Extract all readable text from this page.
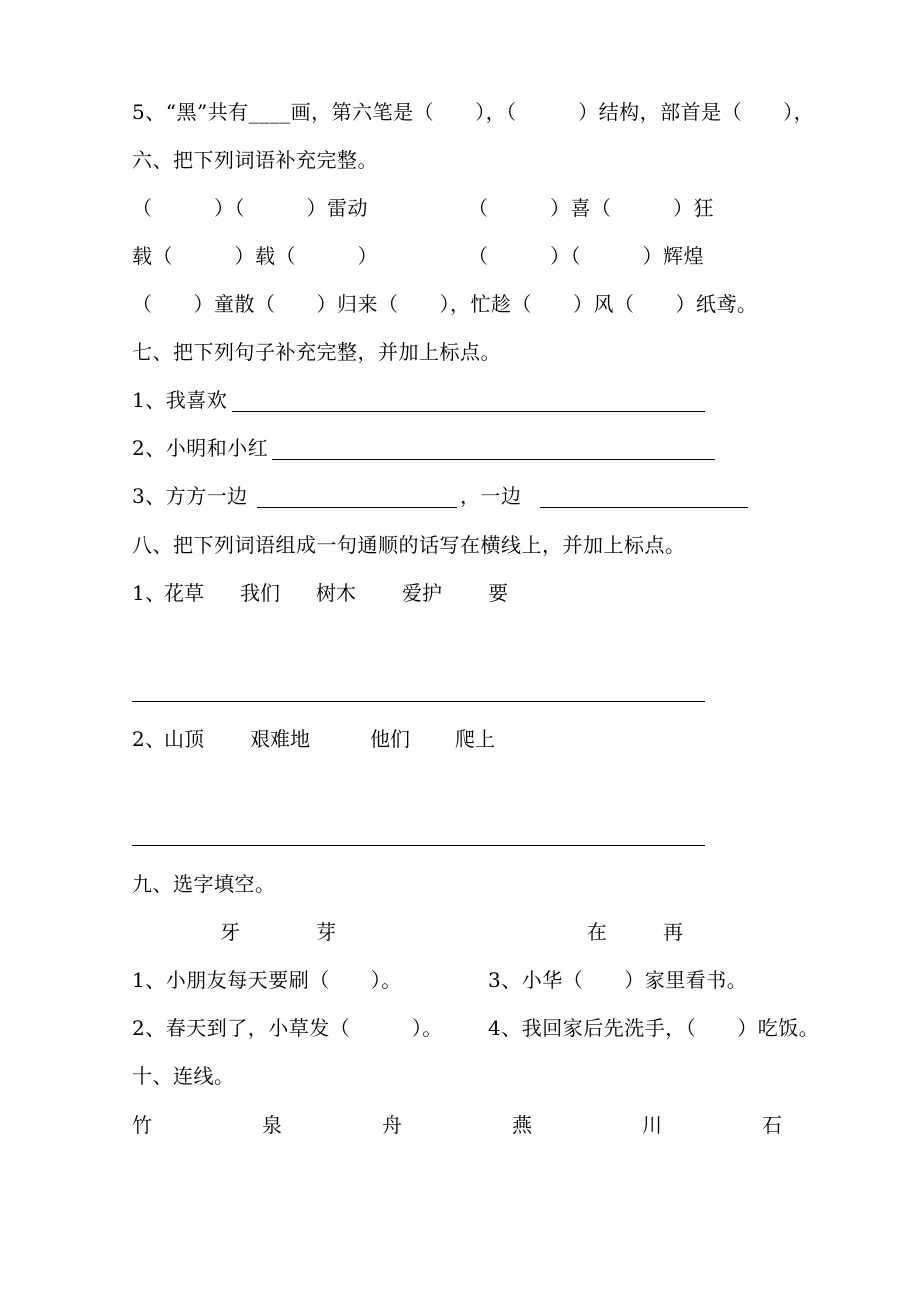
5、“黑”共有____画，第六笔是（　　），（　　　）结构，部首是（　　），
六、把下列词语补充完整。
（　　　）（　　　）雷动	（　　　）喜（　　　）狂
载（　　　）载（　　　）	（　　　）（　　　）辉煌
（　　）童散（　　）归来（　　），忙趁（　　）风（　　）纸鸢。
七、把下列句子补充完整，并加上标点。
1、我喜欢
2、小明和小红
3、方方一边	，一边
八、把下列词语组成一句通顺的话写在横线上，并加上标点。
1、
花草 我们 树木 爱护 要
2、
山顶 艰难地	他们 爬上
九、选字填空。
牙	芽	在	再
1、小朋友每天要刷（　　）。	3、小华（　　）家里看书。
2、春天到了，小草发（　　　）。 4、我回家后先洗手，（　　）吃饭。
十、连线。
竹	泉	舟	燕	川	石
